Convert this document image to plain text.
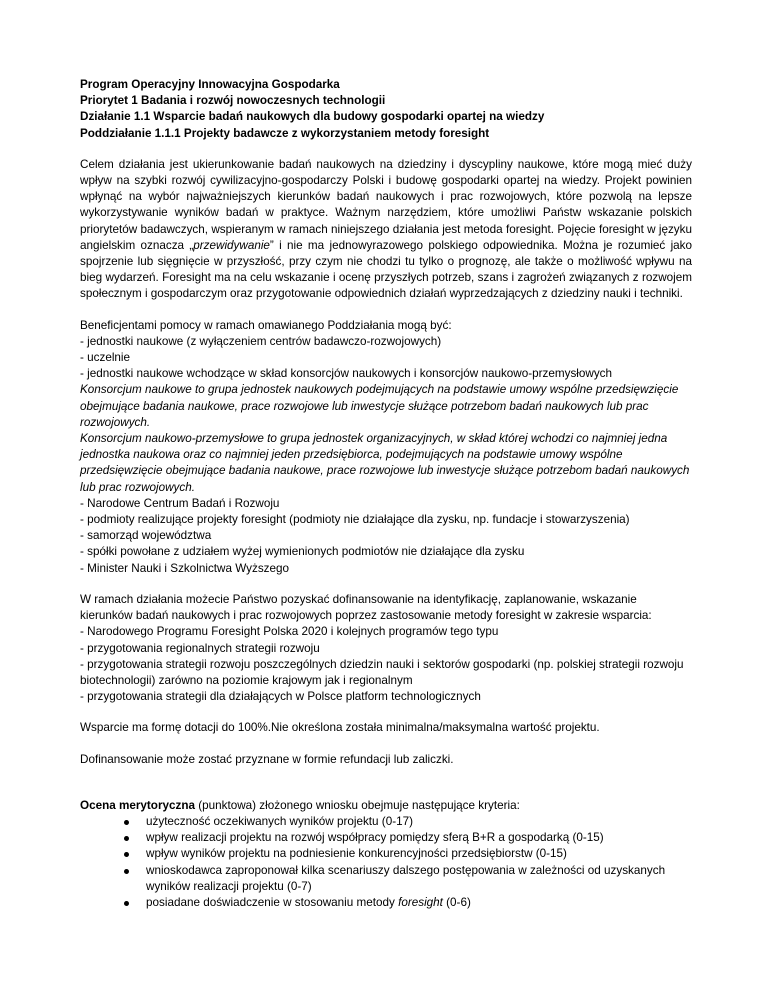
Program Operacyjny Innowacyjna Gospodarka
Priorytet 1 Badania i rozwój nowoczesnych technologii
Działanie 1.1 Wsparcie badań naukowych dla budowy gospodarki opartej na wiedzy
Poddziałanie 1.1.1 Projekty badawcze z wykorzystaniem metody foresight

Celem działania jest ukierunkowanie badań naukowych na dziedziny i dyscypliny naukowe, które mogą mieć duży wpływ na szybki rozwój cywilizacyjno-gospodarczy Polski i budowę gospodarki opartej na wiedzy. Projekt powinien wpłynąć na wybór najważniejszych kierunków badań naukowych i prac rozwojowych, które pozwolą na lepsze wykorzystywanie wyników badań w praktyce. Ważnym narzędziem, które umożliwi Państw wskazanie polskich priorytetów badawczych, wspieranym w ramach niniejszego działania jest metoda foresight. Pojęcie foresight w języku angielskim oznacza „przewidywanie” i nie ma jednowyrazowego polskiego odpowiednika. Można je rozumieć jako spojrzenie lub sięgnięcie w przyszłość, przy czym nie chodzi tu tylko o prognozę, ale także o możliwość wpływu na bieg wydarzeń. Foresight ma na celu wskazanie i ocenę przyszłych potrzeb, szans i zagrożeń związanych z rozwojem społecznym i gospodarczym oraz przygotowanie odpowiednich działań wyprzedzających z dziedziny nauki i techniki.

Beneficjentami pomocy w ramach omawianego Poddziałania mogą być:
- jednostki naukowe (z wyłączeniem centrów badawczo-rozwojowych)
- uczelnie
- jednostki naukowe wchodzące w skład konsorcjów naukowych i konsorcjów naukowo-przemysłowych
Konsorcjum naukowe to grupa jednostek naukowych podejmujących na podstawie umowy wspólne przedsięwzięcie obejmujące badania naukowe, prace rozwojowe lub inwestycje służące potrzebom badań naukowych lub prac rozwojowych.
Konsorcjum naukowo-przemysłowe to grupa jednostek organizacyjnych, w skład której wchodzi co najmniej jedna jednostka naukowa oraz co najmniej jeden przedsiębiorca, podejmujących na podstawie umowy wspólne przedsięwzięcie obejmujące badania naukowe, prace rozwojowe lub inwestycje służące potrzebom badań naukowych lub prac rozwojowych.
- Narodowe Centrum Badań i Rozwoju
- podmioty realizujące projekty foresight (podmioty nie działające dla zysku, np. fundacje i stowarzyszenia)
- samorząd województwa
- spółki powołane z udziałem wyżej wymienionych podmiotów nie działające dla zysku
- Minister Nauki i Szkolnictwa Wyższego
W ramach działania możecie Państwo pozyskać dofinansowanie na identyfikację, zaplanowanie, wskazanie kierunków badań naukowych i prac rozwojowych poprzez zastosowanie metody foresight w zakresie wsparcia:
- Narodowego Programu Foresight Polska 2020 i kolejnych programów tego typu
- przygotowania regionalnych strategii rozwoju
- przygotowania strategii rozwoju poszczególnych dziedzin nauki i sektorów gospodarki (np. polskiej strategii rozwoju biotechnologii) zarówno na poziomie krajowym jak i regionalnym
- przygotowania strategii dla działających w Polsce platform technologicznych

Wsparcie ma formę dotacji do 100%.Nie określona została minimalna/maksymalna wartość projektu.

Dofinansowanie może zostać przyznane w formie refundacji lub zaliczki.

Ocena merytoryczna (punktowa) złożonego wniosku obejmuje następujące kryteria:
użyteczność oczekiwanych wyników projektu (0-17)
wpływ realizacji projektu na rozwój współpracy pomiędzy sferą B+R a gospodarką (0-15)
wpływ wyników projektu na podniesienie konkurencyjności przedsiębiorstw (0-15)
wnioskodawca zaproponował kilka scenariuszy dalszego postępowania w zależności od uzyskanych wyników realizacji projektu (0-7)
posiadane doświadczenie w stosowaniu metody foresight (0-6)
